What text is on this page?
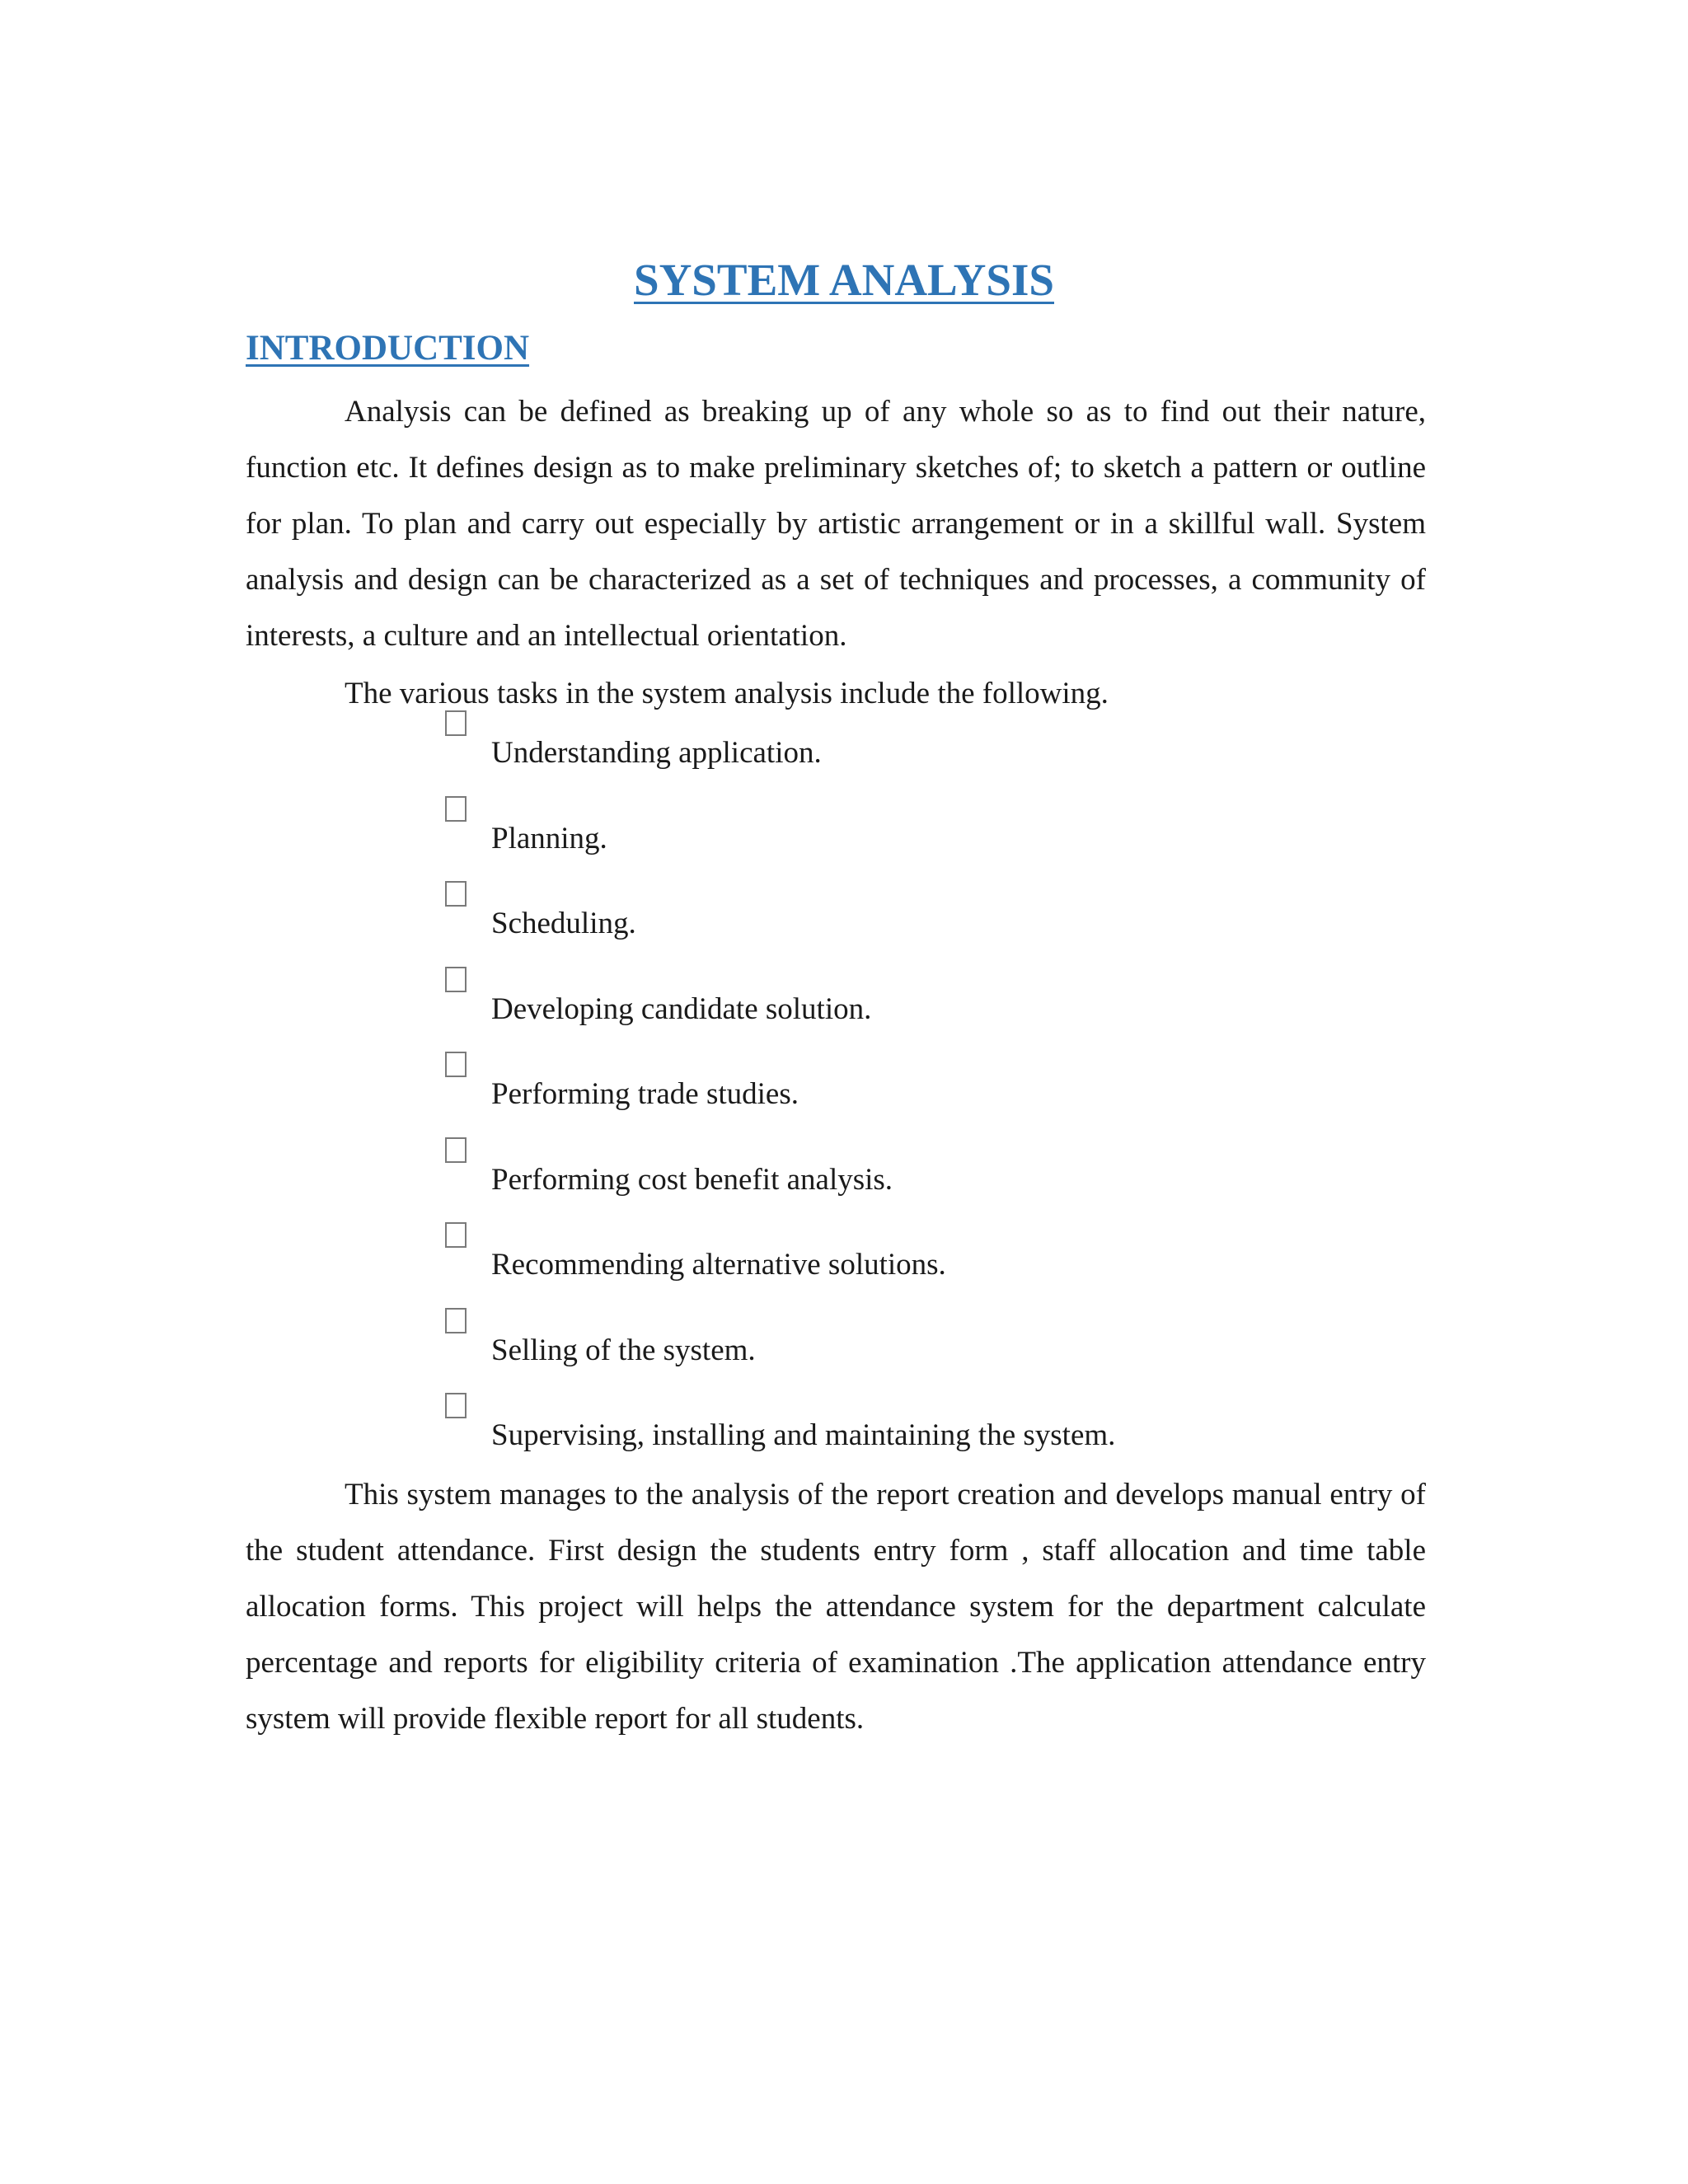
SYSTEM ANALYSIS
INTRODUCTION

Analysis can be defined as breaking up of any whole so as to find out their nature, function etc. It defines design as to make preliminary sketches of; to sketch a pattern or outline for plan. To plan and carry out especially by artistic arrangement or in a skillful wall. System analysis and design can be characterized as a set of techniques and processes, a community of interests, a culture and an intellectual orientation.

The various tasks in the system analysis include the following.

Understanding application.
Planning.
Scheduling.
Developing candidate solution.
Performing trade studies.
Performing cost benefit analysis.
Recommending alternative solutions.
Selling of the system.
Supervising, installing and maintaining the system.

This system manages to the analysis of the report creation and develops manual entry of the student attendance. First design the students entry form , staff allocation and time table allocation forms. This project will helps the attendance system for the department calculate percentage and reports for eligibility criteria of examination .The application attendance entry system will provide flexible report for all students.
